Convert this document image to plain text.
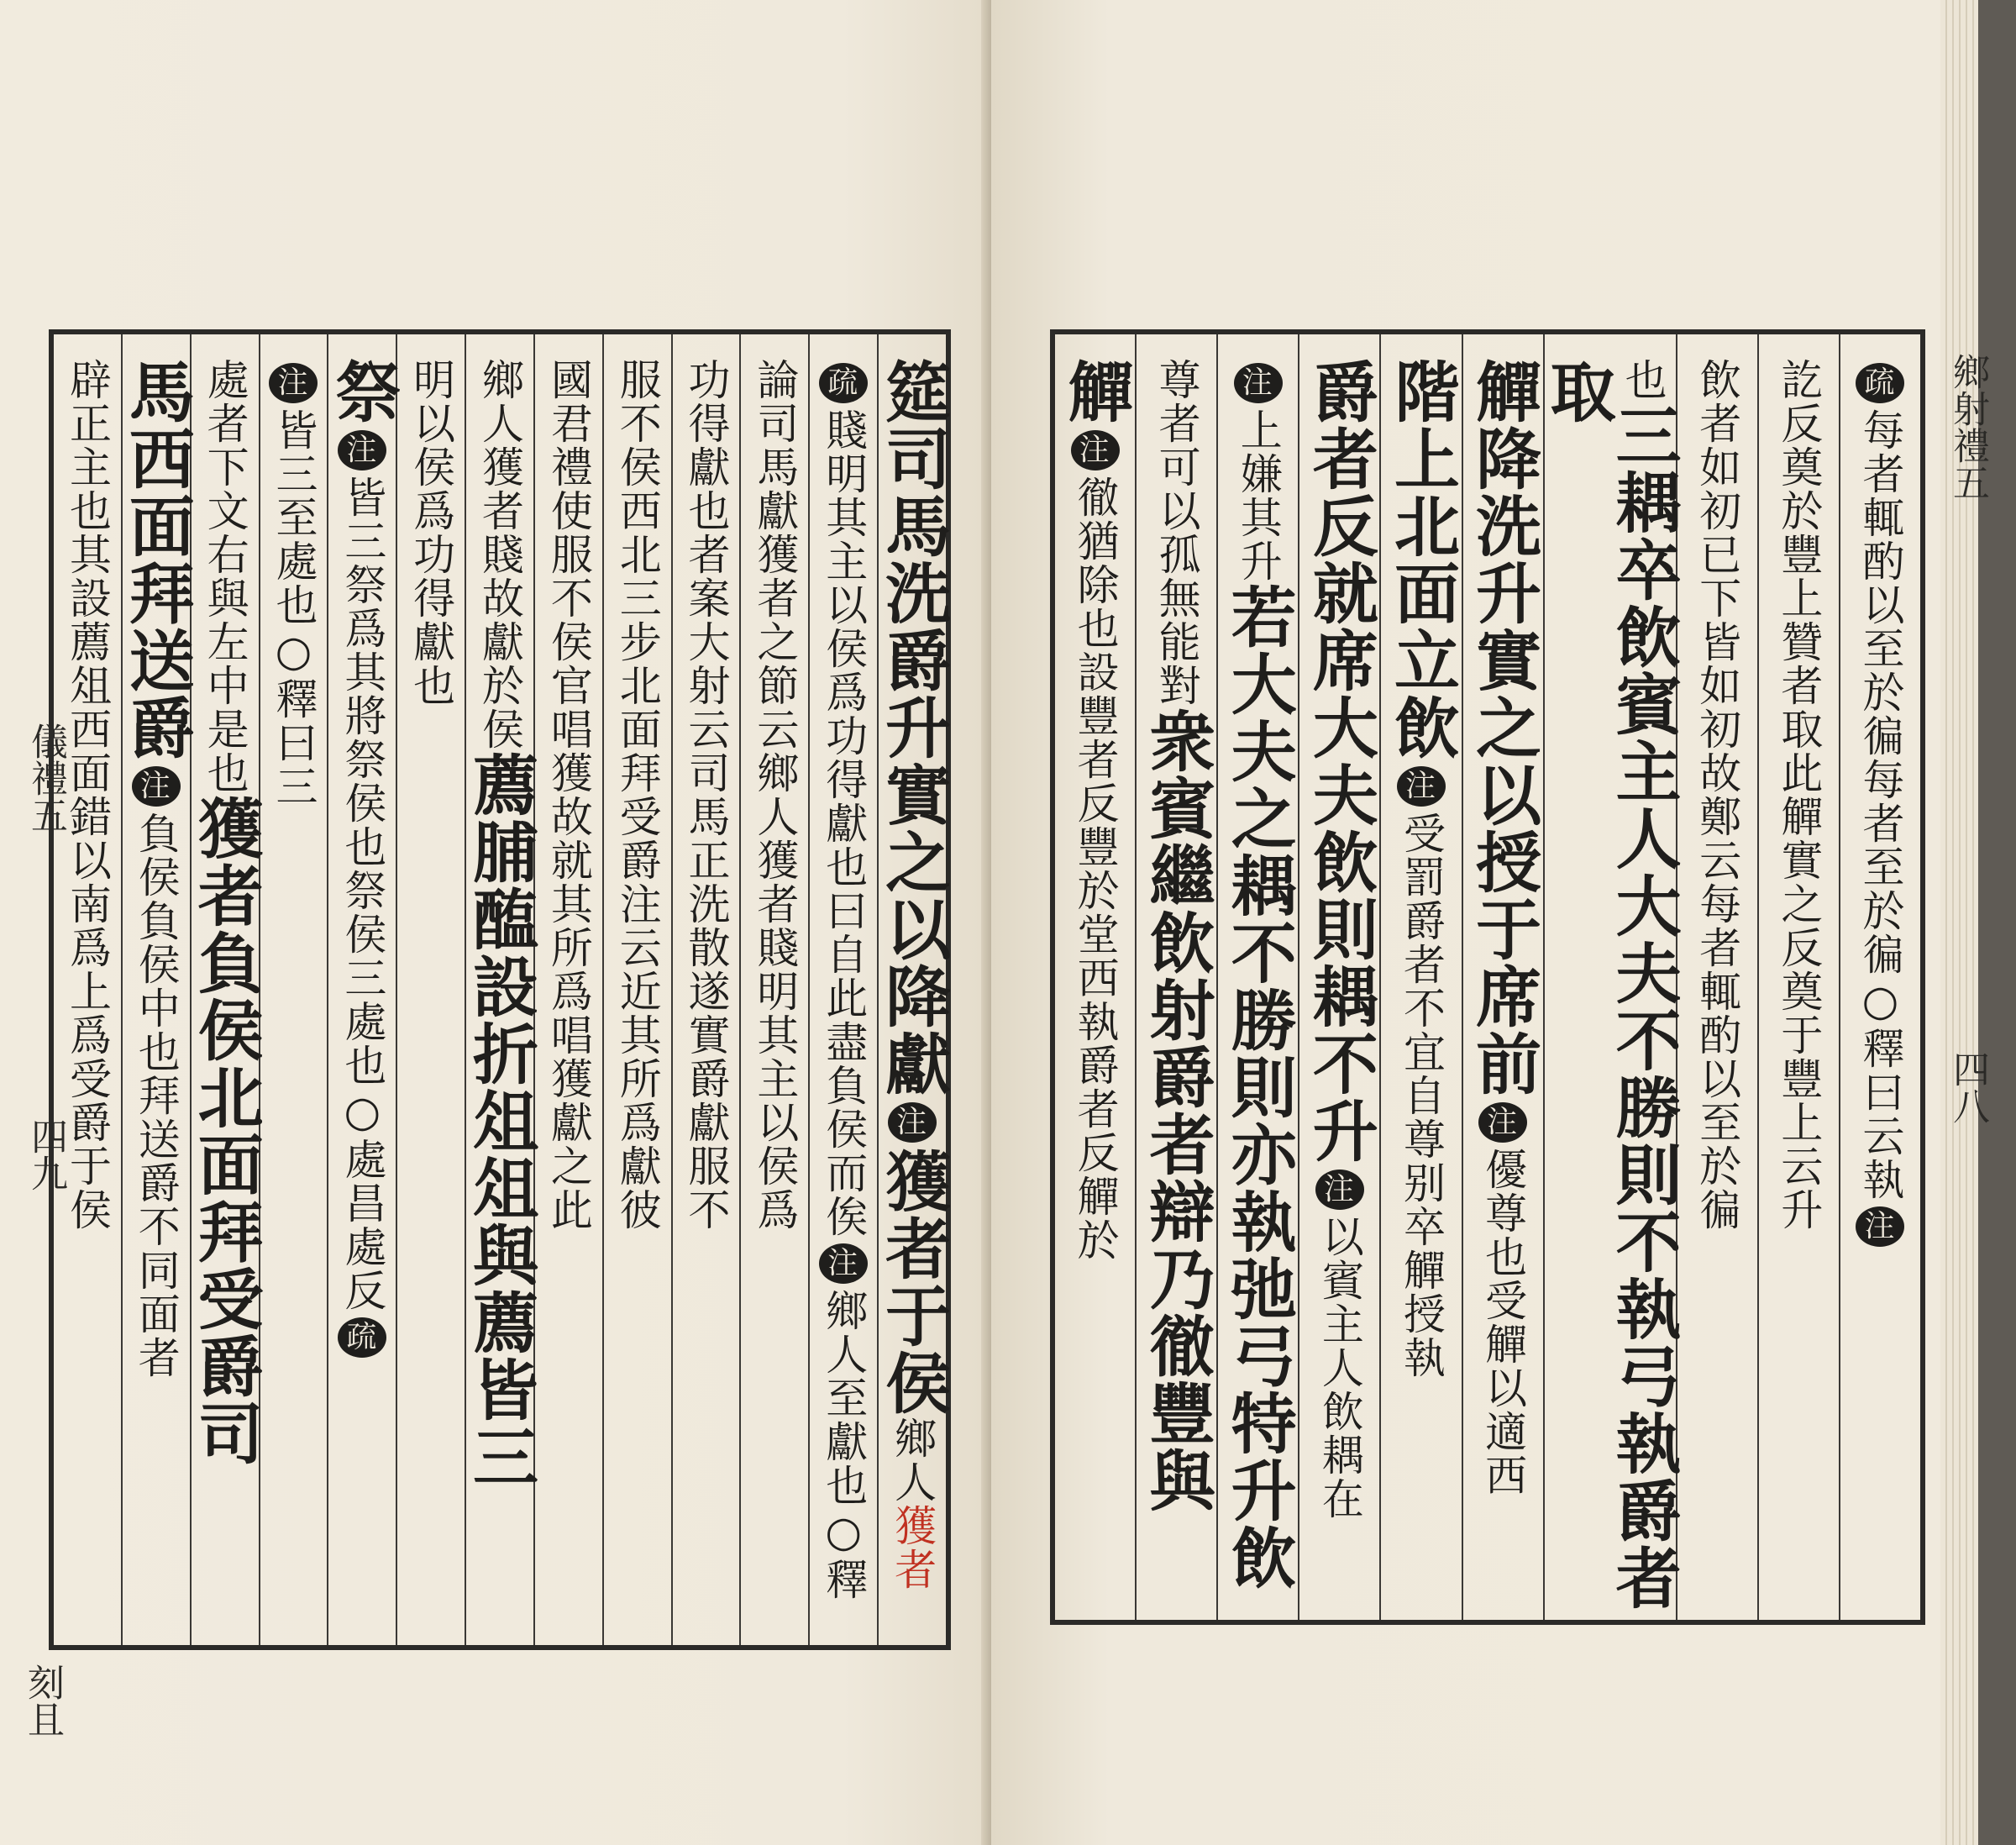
儀禮五
四九
刻且
筵司馬洗爵升實之以降獻注獲者于侯鄉人獲者
疏賤明其主以侯爲功得獻也曰自此盡負侯而俟注鄉人至獻也○釋
論司馬獻獲者之節云鄉人獲者賤明其主以侯爲
功得獻也者案大射云司馬正洗散遂實爵獻服不
服不侯西北三步北面拜受爵注云近其所爲獻彼
國君禮使服不侯官唱獲故就其所爲唱獲獻之此
鄉人獲者賤故獻於侯薦脯醢設折俎俎與薦皆三
明以侯爲功得獻也
祭注皆三祭爲其將祭侯也祭侯三處也○處昌處反疏
注皆三至處也○釋曰三
處者下文右與左中是也獲者負侯北面拜受爵司
馬西面拜送爵注負侯負侯中也拜送爵不同面者
辟正主也其設薦俎西面錯以南爲上爲受爵于侯	鄉射禮五
四八
疏每者輒酌以至於徧每者至於徧○釋曰云執注
訖反奠於豐上贊者取此觶實之反奠于豐上云升
飲者如初已下皆如初故鄭云每者輒酌以至於徧
也三耦卒飲賓主人大夫不勝則不執弓執爵者取
觶降洗升實之以授于席前注優尊也受觶以適西
階上北面立飲注受罰爵者不宜自尊别卒觶授執
爵者反就席大夫飲則耦不升注以賓主人飲耦在
注上嫌其升若大夫之耦不勝則亦執弛弓特升飲
尊者可以孤無能對衆賓繼飲射爵者辯乃徹豐與
觶注徹猶除也設豐者反豐於堂西執爵者反觶於
